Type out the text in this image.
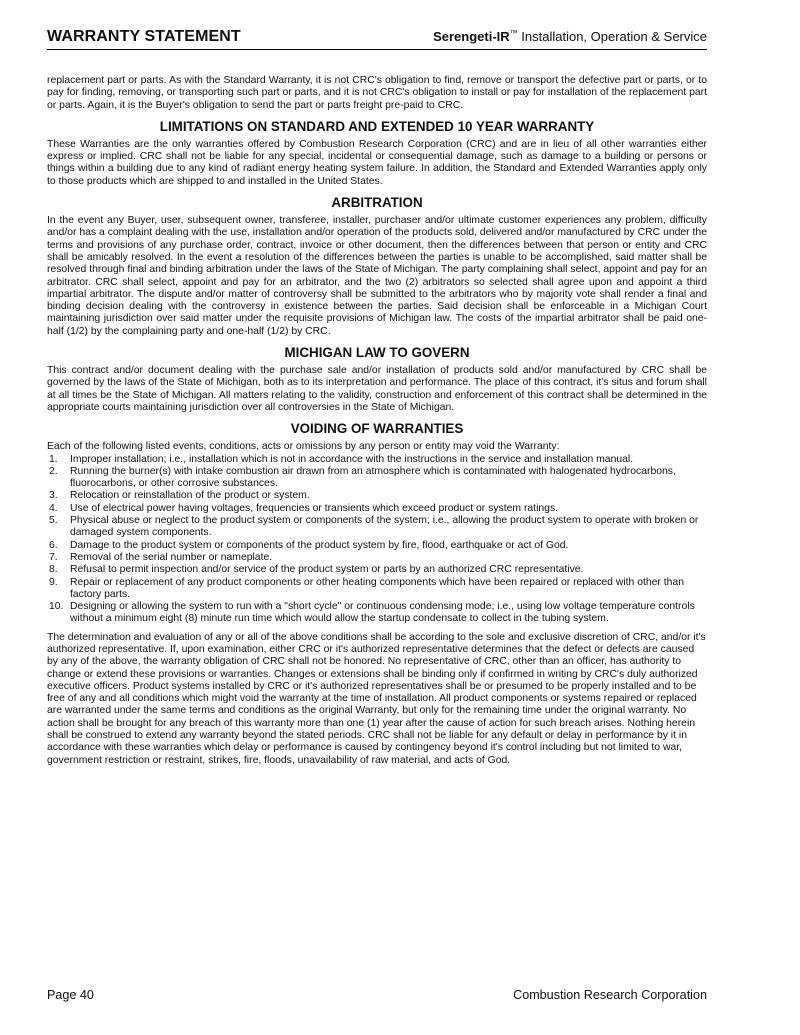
WARRANTY STATEMENT	Serengeti-IR™ Installation, Operation & Service

replacement part or parts. As with the Standard Warranty, it is not CRC's obligation to find, remove or transport the defective part or parts, or to pay for finding, removing, or transporting such part or parts, and it is not CRC's obligation to install or pay for installation of the replacement part or parts. Again, it is the Buyer's obligation to send the part or parts freight pre-paid to CRC.

LIMITATIONS ON STANDARD AND EXTENDED 10 YEAR WARRANTY

These Warranties are the only warranties offered by Combustion Research Corporation (CRC) and are in lieu of all other warranties either express or implied. CRC shall not be liable for any special, incidental or consequential damage, such as damage to a building or persons or things within a building due to any kind of radiant energy heating system failure. In addition, the Standard and Extended Warranties apply only to those products which are shipped to and installed in the United States.

ARBITRATION

In the event any Buyer, user, subsequent owner, transferee, installer, purchaser and/or ultimate customer experiences any problem, difficulty and/or has a complaint dealing with the use, installation and/or operation of the products sold, delivered and/or manufactured by CRC under the terms and provisions of any purchase order, contract, invoice or other document, then the differences between that person or entity and CRC shall be amicably resolved. In the event a resolution of the differences between the parties is unable to be accomplished, said matter shall be resolved through final and binding arbitration under the laws of the State of Michigan. The party complaining shall select, appoint and pay for an arbitrator. CRC shall select, appoint and pay for an arbitrator, and the two (2) arbitrators so selected shall agree upon and appoint a third impartial arbitrator. The dispute and/or matter of controversy shall be submitted to the arbitrators who by majority vote shall render a final and binding decision dealing with the controversy in existence between the parties. Said decision shall be enforceable in a Michigan Court maintaining jurisdiction over said matter under the requisite provisions of Michigan law. The costs of the impartial arbitrator shall be paid one-half (1/2) by the complaining party and one-half (1/2) by CRC.

MICHIGAN LAW TO GOVERN

This contract and/or document dealing with the purchase sale and/or installation of products sold and/or manufactured by CRC shall be governed by the laws of the State of Michigan, both as to its interpretation and performance. The place of this contract, it's situs and forum shall at all times be the State of Michigan. All matters relating to the validity, construction and enforcement of this contract shall be determined in the appropriate courts maintaining jurisdiction over all controversies in the State of Michigan.

VOIDING OF WARRANTIES

Each of the following listed events, conditions, acts or omissions by any person or entity may void the Warranty:

1. Improper installation; i.e., installation which is not in accordance with the instructions in the service and installation manual.
2. Running the burner(s) with intake combustion air drawn from an atmosphere which is contaminated with halogenated hydrocarbons, fluorocarbons, or other corrosive substances.
3. Relocation or reinstallation of the product or system.
4. Use of electrical power having voltages, frequencies or transients which exceed product or system ratings.
5. Physical abuse or neglect to the product system or components of the system; i.e., allowing the product system to operate with broken or damaged system components.
6. Damage to the product system or components of the product system by fire, flood, earthquake or act of God.
7. Removal of the serial number or nameplate.
8. Refusal to permit inspection and/or service of the product system or parts by an authorized CRC representative.
9. Repair or replacement of any product components or other heating components which have been repaired or replaced with other than factory parts.
10. Designing or allowing the system to run with a "short cycle" or continuous condensing mode; i.e., using low voltage temperature controls without a minimum eight (8) minute run time which would allow the startup condensate to collect in the tubing system.

The determination and evaluation of any or all of the above conditions shall be according to the sole and exclusive discretion of CRC, and/or it's authorized representative. If, upon examination, either CRC or it's authorized representative determines that the defect or defects are caused by any of the above, the warranty obligation of CRC shall not be honored. No representative of CRC, other than an officer, has authority to change or extend these provisions or warranties. Changes or extensions shall be binding only if confirmed in writing by CRC's duly authorized executive officers. Product systems installed by CRC or it's authorized representatives shall be or presumed to be properly installed and to be free of any and all conditions which might void the warranty at the time of installation. All product components or systems repaired or replaced are warranted under the same terms and conditions as the original Warranty, but only for the remaining time under the original warranty. No action shall be brought for any breach of this warranty more than one (1) year after the cause of action for such breach arises. Nothing herein shall be construed to extend any warranty beyond the stated periods. CRC shall not be liable for any default or delay in performance by it in accordance with these warranties which delay or performance is caused by contingency beyond it's control including but not limited to war, government restriction or restraint, strikes, fire, floods, unavailability of raw material, and acts of God.

Page 40	Combustion Research Corporation
